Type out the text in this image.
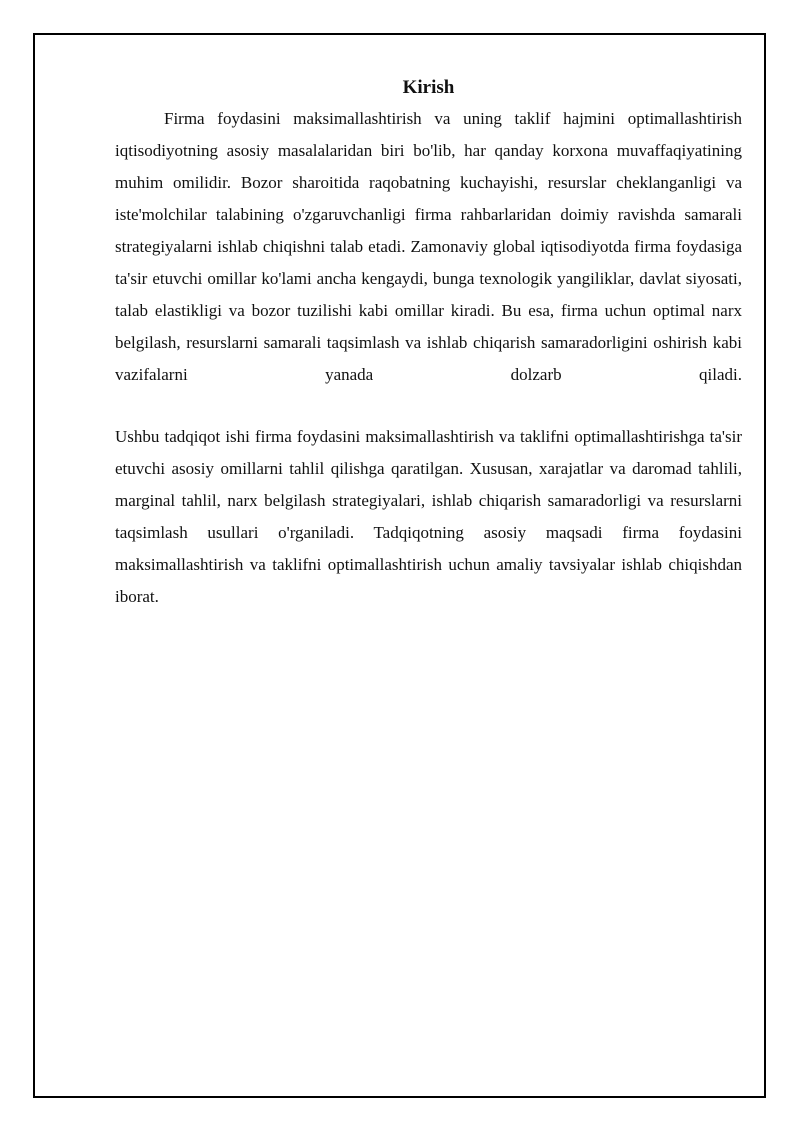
Kirish

Firma foydasini maksimallashtirish va uning taklif hajmini optimallashtirish iqtisodiyotning asosiy masalalaridan biri bo'lib, har qanday korxona muvaffaqiyatining muhim omilidir. Bozor sharoitida raqobatning kuchayishi, resurslar cheklanganligi va iste'molchilar talabining o'zgaruvchanligi firma rahbarlaridan doimiy ravishda samarali strategiyalarni ishlab chiqishni talab etadi. Zamonaviy global iqtisodiyotda firma foydasiga ta'sir etuvchi omillar ko'lami ancha kengaydi, bunga texnologik yangiliklar, davlat siyosati, talab elastikligi va bozor tuzilishi kabi omillar kiradi. Bu esa, firma uchun optimal narx belgilash, resurslarni samarali taqsimlash va ishlab chiqarish samaradorligini oshirish kabi vazifalarni yanada dolzarb qiladi.

Ushbu tadqiqot ishi firma foydasini maksimallashtirish va taklifni optimallashtirishga ta'sir etuvchi asosiy omillarni tahlil qilishga qaratilgan. Xususan, xarajatlar va daromad tahlili, marginal tahlil, narx belgilash strategiyalari, ishlab chiqarish samaradorligi va resurslarni taqsimlash usullari o'rganiladi. Tadqiqotning asosiy maqsadi firma foydasini maksimallashtirish va taklifni optimallashtirish uchun amaliy tavsiyalar ishlab chiqishdan iborat.
